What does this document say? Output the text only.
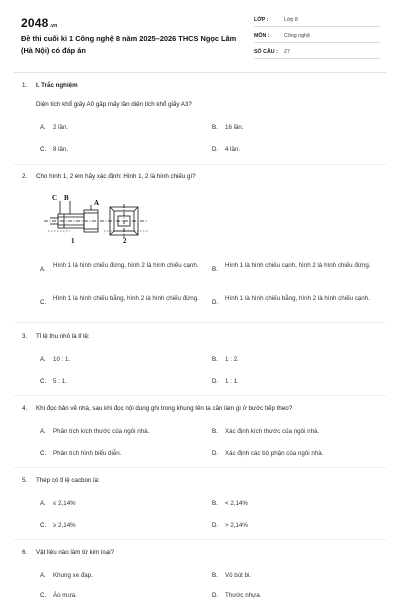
2048.vn
Đề thi cuối kì 1 Công nghệ 8 năm 2025–2026 THCS Ngọc Lâm (Hà Nội) có đáp án
LỚP :	Lớp 8
MÔN :	Công nghệ
SỐ CÂU : 27
1. I. Trắc nghiệm
Diện tích khổ giấy A0 gấp mấy lần diện tích khổ giấy A3?
A. 2 lần.	B. 16 lần.
C. 8 lần.	D. 4 lần.
2. Cho hình 1, 2 em hãy xác định: Hình 1, 2 là hình chiếu gì?
C B
A
1	2
A.
Hình 1 là hình chiếu đứng, hình 2 là hình chiếu cạnh.
B.
Hình 1 là hình chiếu cạnh, hình 2 là hình chiếu đứng.
C.
Hình 1 là hình chiếu bằng, hình 2 là hình chiếu đứng.
D.
Hình 1 là hình chiếu bằng, hình 2 là hình chiếu cạnh.
3. Tỉ lệ thu nhỏ là tỉ lệ:
A. 10 : 1.	B. 1 : 2.
C. 5 : 1.	D. 1 : 1.
4. Khi đọc bản vẽ nhà, sau khi đọc nội dung ghi trong khung tên ta cần làm gì ở bước tiếp theo?
A. Phân tích kích thước của ngôi nhà.	B. Xác định kích thước của ngôi nhà.
C. Phân tích hình biểu diễn.	D. Xác định các bộ phận của ngôi nhà.
5. Thép có tỉ lệ cacbon là:
A. ≤ 2,14%	B. < 2,14%
C. ≥ 2,14%	D. > 2,14%
6. Vật liệu nào làm từ kim loại?
A. Khung xe đạp.	B. Vỏ bút bi.
C. Áo mưa.	D. Thước nhựa.
